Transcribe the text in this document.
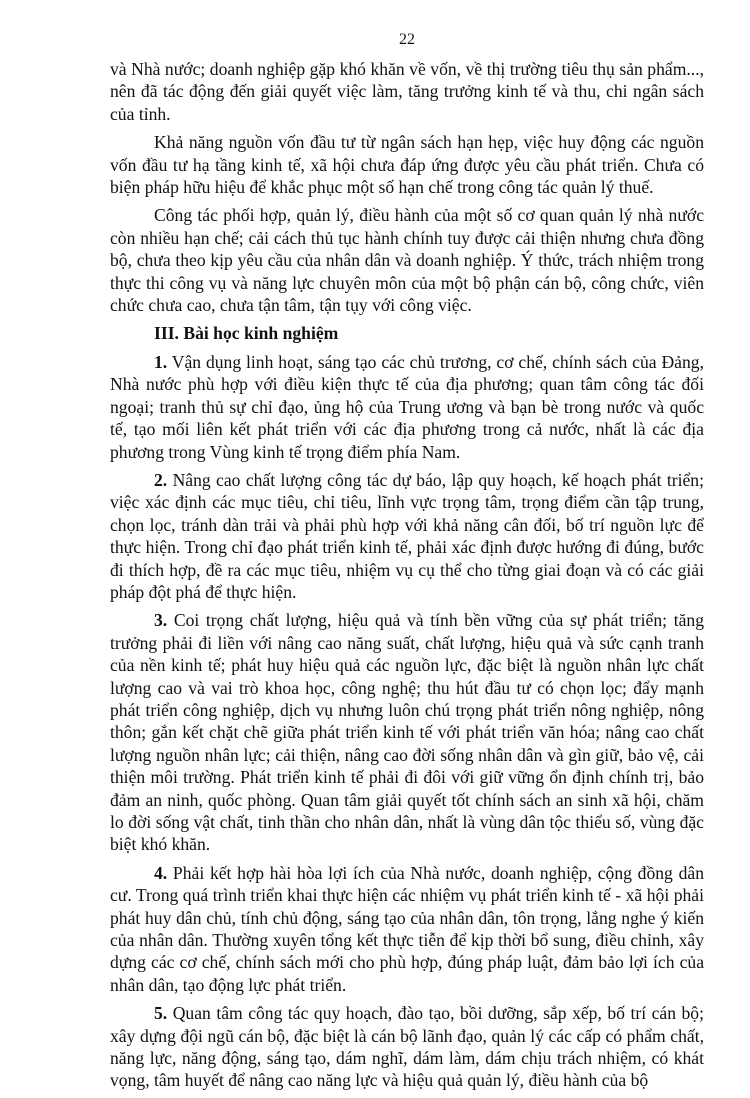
22

và Nhà nước; doanh nghiệp gặp khó khăn về vốn, về thị trường tiêu thụ sản phẩm..., nên đã tác động đến giải quyết việc làm, tăng trưởng kinh tế và thu, chi ngân sách của tỉnh.

Khả năng nguồn vốn đầu tư từ ngân sách hạn hẹp, việc huy động các nguồn vốn đầu tư hạ tầng kinh tế, xã hội chưa đáp ứng được yêu cầu phát triển. Chưa có biện pháp hữu hiệu để khắc phục một số hạn chế trong công tác quản lý thuế.

Công tác phối hợp, quản lý, điều hành của một số cơ quan quản lý nhà nước còn nhiều hạn chế; cải cách thủ tục hành chính tuy được cải thiện nhưng chưa đồng bộ, chưa theo kịp yêu cầu của nhân dân và doanh nghiệp. Ý thức, trách nhiệm trong thực thi công vụ và năng lực chuyên môn của một bộ phận cán bộ, công chức, viên chức chưa cao, chưa tận tâm, tận tụy với công việc.

III. Bài học kinh nghiệm

1. Vận dụng linh hoạt, sáng tạo các chủ trương, cơ chế, chính sách của Đảng, Nhà nước phù hợp với điều kiện thực tế của địa phương; quan tâm công tác đối ngoại; tranh thủ sự chỉ đạo, ủng hộ của Trung ương và bạn bè trong nước và quốc tế, tạo mối liên kết phát triển với các địa phương trong cả nước, nhất là các địa phương trong Vùng kinh tế trọng điểm phía Nam.

2. Nâng cao chất lượng công tác dự báo, lập quy hoạch, kế hoạch phát triển; việc xác định các mục tiêu, chỉ tiêu, lĩnh vực trọng tâm, trọng điểm cần tập trung, chọn lọc, tránh dàn trải và phải phù hợp với khả năng cân đối, bố trí nguồn lực để thực hiện. Trong chỉ đạo phát triển kinh tế, phải xác định được hướng đi đúng, bước đi thích hợp, đề ra các mục tiêu, nhiệm vụ cụ thể cho từng giai đoạn và có các giải pháp đột phá để thực hiện.

3. Coi trọng chất lượng, hiệu quả và tính bền vững của sự phát triển; tăng trưởng phải đi liền với nâng cao năng suất, chất lượng, hiệu quả và sức cạnh tranh của nền kinh tế; phát huy hiệu quả các nguồn lực, đặc biệt là nguồn nhân lực chất lượng cao và vai trò khoa học, công nghệ; thu hút đầu tư có chọn lọc; đẩy mạnh phát triển công nghiệp, dịch vụ nhưng luôn chú trọng phát triển nông nghiệp, nông thôn; gắn kết chặt chẽ giữa phát triển kinh tế với phát triển văn hóa; nâng cao chất lượng nguồn nhân lực; cải thiện, nâng cao đời sống nhân dân và gìn giữ, bảo vệ, cải thiện môi trường. Phát triển kinh tế phải đi đôi với giữ vững ổn định chính trị, bảo đảm an ninh, quốc phòng. Quan tâm giải quyết tốt chính sách an sinh xã hội, chăm lo đời sống vật chất, tinh thần cho nhân dân, nhất là vùng dân tộc thiểu số, vùng đặc biệt khó khăn.

4. Phải kết hợp hài hòa lợi ích của Nhà nước, doanh nghiệp, cộng đồng dân cư. Trong quá trình triển khai thực hiện các nhiệm vụ phát triển kinh tế - xã hội phải phát huy dân chủ, tính chủ động, sáng tạo của nhân dân, tôn trọng, lắng nghe ý kiến của nhân dân. Thường xuyên tổng kết thực tiễn để kịp thời bổ sung, điều chỉnh, xây dựng các cơ chế, chính sách mới cho phù hợp, đúng pháp luật, đảm bảo lợi ích của nhân dân, tạo động lực phát triển.

5. Quan tâm công tác quy hoạch, đào tạo, bồi dưỡng, sắp xếp, bố trí cán bộ; xây dựng đội ngũ cán bộ, đặc biệt là cán bộ lãnh đạo, quản lý các cấp có phẩm chất, năng lực, năng động, sáng tạo, dám nghĩ, dám làm, dám chịu trách nhiệm, có khát vọng, tâm huyết để nâng cao năng lực và hiệu quả quản lý, điều hành của bộ
